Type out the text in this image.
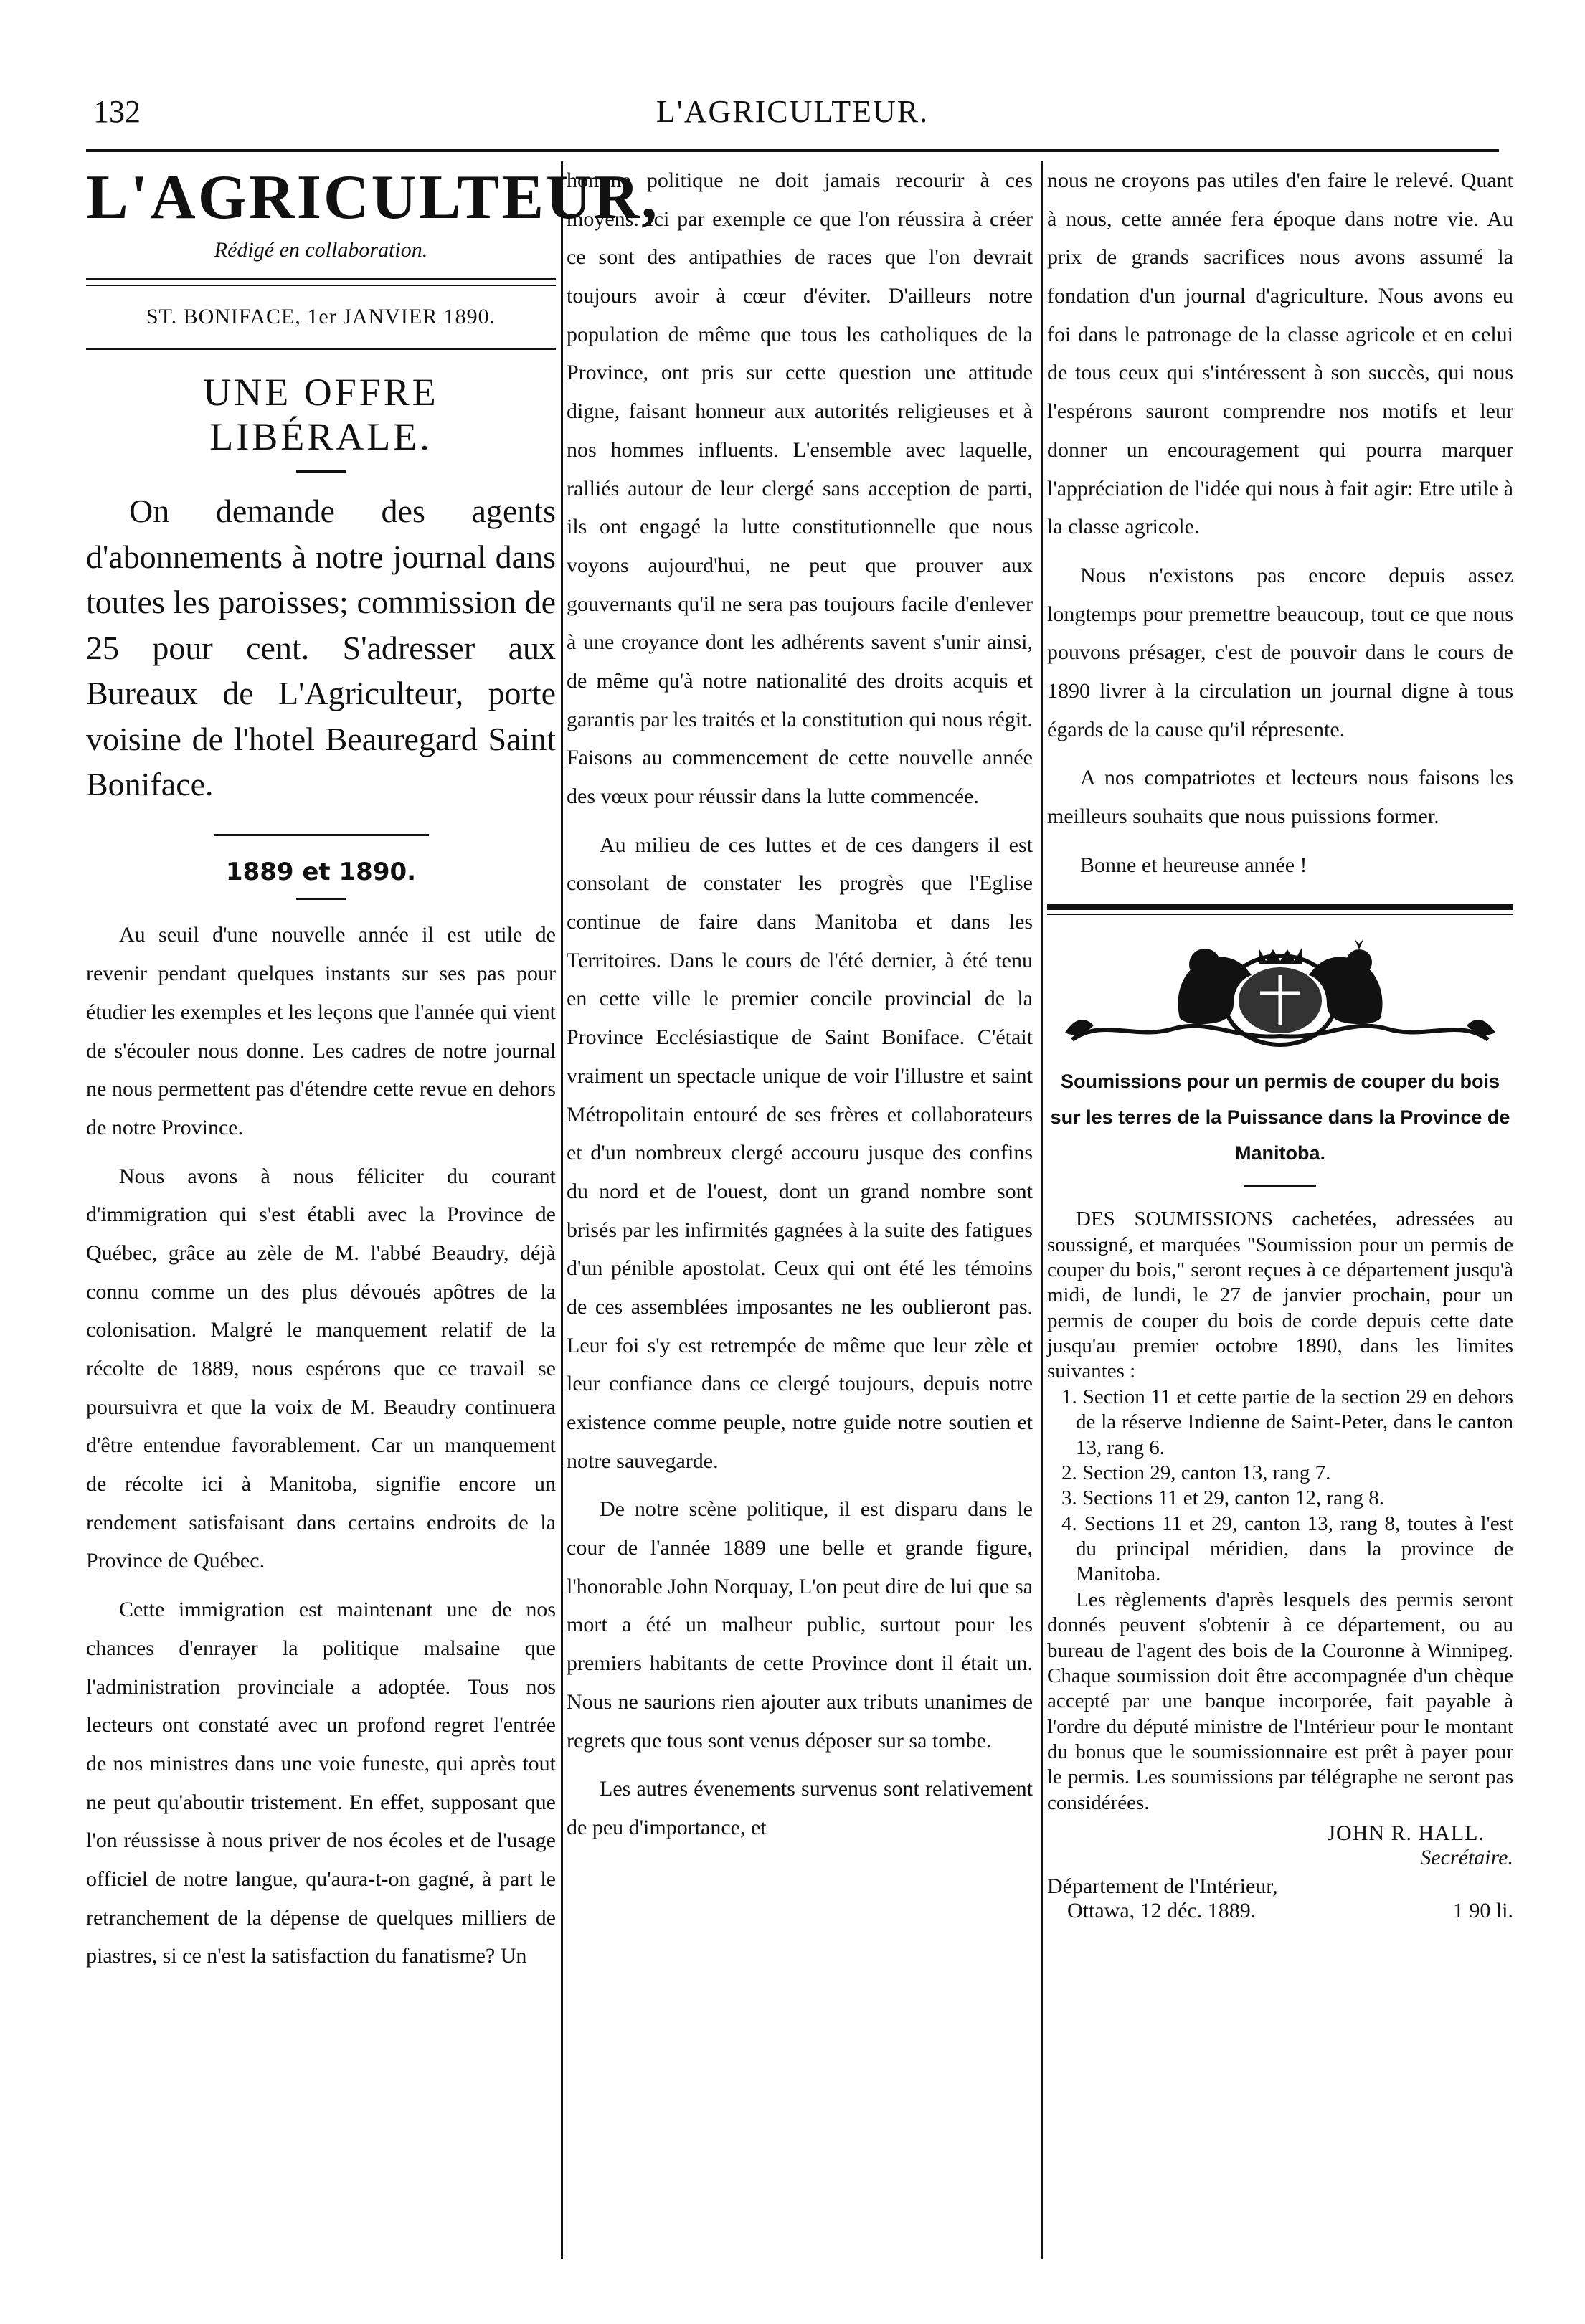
132	L'AGRICULTEUR.
L'AGRICULTEUR,
Rédigé en collaboration.
ST. BONIFACE, 1er JANVIER 1890.
UNE OFFRE LIBÉRALE.

On demande des agents d'abonnements à notre journal dans toutes les paroisses; commission de 25 pour cent. S'adresser aux Bureaux de L'Agriculteur, porte voisine de l'hotel Beauregard Saint Boniface.

1889 et 1890.

Au seuil d'une nouvelle année il est utile de revenir pendant quelques instants sur ses pas pour étudier les exemples et les leçons que l'année qui vient de s'écouler nous donne. Les cadres de notre journal ne nous permettent pas d'étendre cette revue en dehors de notre Province.

Nous avons à nous féliciter du courant d'immigration qui s'est établi avec la Province de Québec, grâce au zèle de M. l'abbé Beaudry, déjà connu comme un des plus dévoués apôtres de la colonisation. Malgré le manquement relatif de la récolte de 1889, nous espérons que ce travail se poursuivra et que la voix de M. Beaudry continuera d'être entendue favorablement. Car un manquement de récolte ici à Manitoba, signifie encore un rendement satisfaisant dans certains endroits de la Province de Québec.

Cette immigration est maintenant une de nos chances d'enrayer la politique malsaine que l'administration provinciale a adoptée. Tous nos lecteurs ont constaté avec un profond regret l'entrée de nos ministres dans une voie funeste, qui après tout ne peut qu'aboutir tristement. En effet, supposant que l'on réussisse à nous priver de nos écoles et de l'usage officiel de notre langue, qu'aura-t-on gagné, à part le retranchement de la dépense de quelques milliers de piastres, si ce n'est la satisfaction du fanatisme? Un

homme politique ne doit jamais recourir à ces moyens. Ici par exemple ce que l'on réussira à créer ce sont des antipathies de races que l'on devrait toujours avoir à cœur d'éviter. D'ailleurs notre population de même que tous les catholiques de la Province, ont pris sur cette question une attitude digne, faisant honneur aux autorités religieuses et à nos hommes influents. L'ensemble avec laquelle, ralliés autour de leur clergé sans acception de parti, ils ont engagé la lutte constitutionnelle que nous voyons aujourd'hui, ne peut que prouver aux gouvernants qu'il ne sera pas toujours facile d'enlever à une croyance dont les adhérents savent s'unir ainsi, de même qu'à notre nationalité des droits acquis et garantis par les traités et la constitution qui nous régit. Faisons au commencement de cette nouvelle année des vœux pour réussir dans la lutte commencée.

Au milieu de ces luttes et de ces dangers il est consolant de constater les progrès que l'Eglise continue de faire dans Manitoba et dans les Territoires. Dans le cours de l'été dernier, à été tenu en cette ville le premier concile provincial de la Province Ecclésiastique de Saint Boniface. C'était vraiment un spectacle unique de voir l'illustre et saint Métropolitain entouré de ses frères et collaborateurs et d'un nombreux clergé accouru jusque des confins du nord et de l'ouest, dont un grand nombre sont brisés par les infirmités gagnées à la suite des fatigues d'un pénible apostolat. Ceux qui ont été les témoins de ces assemblées imposantes ne les oublieront pas. Leur foi s'y est retrempée de même que leur zèle et leur confiance dans ce clergé toujours, depuis notre existence comme peuple, notre guide notre soutien et notre sauvegarde.

De notre scène politique, il est disparu dans le cour de l'année 1889 une belle et grande figure, l'honorable John Norquay, L'on peut dire de lui que sa mort a été un malheur public, surtout pour les premiers habitants de cette Province dont il était un. Nous ne saurions rien ajouter aux tributs unanimes de regrets que tous sont venus déposer sur sa tombe.

Les autres évenements survenus sont relativement de peu d'importance, et

nous ne croyons pas utiles d'en faire le relevé. Quant à nous, cette année fera époque dans notre vie. Au prix de grands sacrifices nous avons assumé la fondation d'un journal d'agriculture. Nous avons eu foi dans le patronage de la classe agricole et en celui de tous ceux qui s'intéressent à son succès, qui nous l'espérons sauront comprendre nos motifs et leur donner un encouragement qui pourra marquer l'appréciation de l'idée qui nous à fait agir: Etre utile à la classe agricole.

Nous n'existons pas encore depuis assez longtemps pour premettre beaucoup, tout ce que nous pouvons présager, c'est de pouvoir dans le cours de 1890 livrer à la circulation un journal digne à tous égards de la cause qu'il répresente.

A nos compatriotes et lecteurs nous faisons les meilleurs souhaits que nous puissions former.

Bonne et heureuse année !

Soumissions pour un permis de couper du bois sur les terres de la Puissance dans la Province de Manitoba.

DES SOUMISSIONS cachetées, adressées au soussigné, et marquées "Soumission pour un permis de couper du bois," seront reçues à ce département jusqu'à midi, de lundi, le 27 de janvier prochain, pour un permis de couper du bois de corde depuis cette date jusqu'au premier octobre 1890, dans les limites suivantes :

1. Section 11 et cette partie de la section 29 en dehors de la réserve Indienne de Saint-Peter, dans le canton 13, rang 6.

2. Section 29, canton 13, rang 7.

3. Sections 11 et 29, canton 12, rang 8.

4. Sections 11 et 29, canton 13, rang 8, toutes à l'est du principal méridien, dans la province de Manitoba.

Les règlements d'après lesquels des permis seront donnés peuvent s'obtenir à ce département, ou au bureau de l'agent des bois de la Couronne à Winnipeg. Chaque soumission doit être accompagnée d'un chèque accepté par une banque incorporée, fait payable à l'ordre du député ministre de l'Intérieur pour le montant du bonus que le soumissionnaire est prêt à payer pour le permis. Les soumissions par télégraphe ne seront pas considérées.

JOHN R. HALL.
Secrétaire.

Département de l'Intérieur,

Ottawa, 12 déc. 1889.	1 90 li.
